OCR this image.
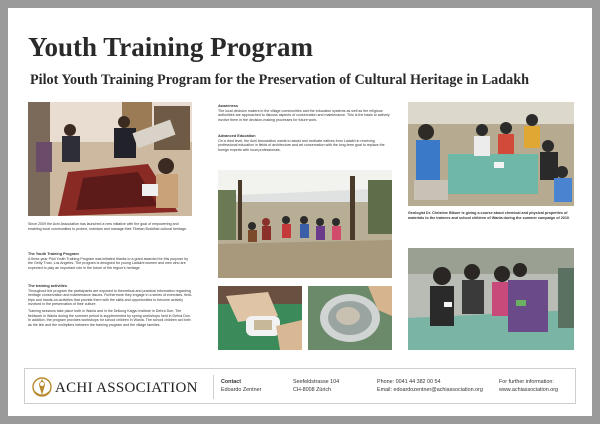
Youth Training Program
Pilot Youth Training Program for the Preservation of Cultural Heritage in Ladakh
Since 2009 the Achi Association has launched a new initiative with the goal of empowering and enabling local communities to protect, maintain and manage their Tibetan Buddhist cultural heritage.
The Youth Training Program
A three-year Pilot Youth Training Program was initiated thanks to a grant awarded for this purpose by the Getty Trust, Los Angeles. The program is designed for young Ladakhi women and men who are expected to play an important role in the future of the region's heritage.
The training activities
Throughout the program the participants are exposed to theoretical and practical information regarding heritage conservation and maintenance issues. Furthermore they engage in a series of exercises, field-trips and hands-on-activities that provide them with the skills and opportunities to become actively involved in the preservation of their culture.
Training sessions take place both in Wanla and in the Drikung Kagyu Institute in Dehra Dun. The fieldwork in Wanla during the summer period is supplemented by spring workshops held in Dehra Dun. In addition, the program provides workshops for school children in Wanla. The school children act both as the link and the multipliers between the training program and the village families.
Awareness
The local decision makers in the village communities and the education systems as well as the religious authorities are approached to discuss aspects of conservation and maintenance. This is the basis to actively involve them in the decision-making processes for future work.
Advanced Education
On a third level, the Achi Association wants to assist and motivate natives from Ladakh in receiving professional education in fields of architecture and art conservation with the long-term goal to replace the foreign experts with local professionals.
Geologist Dr. Christine Bläuer is giving a course about chemical and physical properties of materials to the trainees and school children of Wanla during the summer campaign of 2010.
ACHI ASSOCIATION	Contact
Edoardo Zentner
Seefeldstrasse 104
CH-8008 Zürich
Phone: 0041 44 382 00 54
Email: edoardozentner@achiassociation.org
For further information:
www.achiassociation.org
